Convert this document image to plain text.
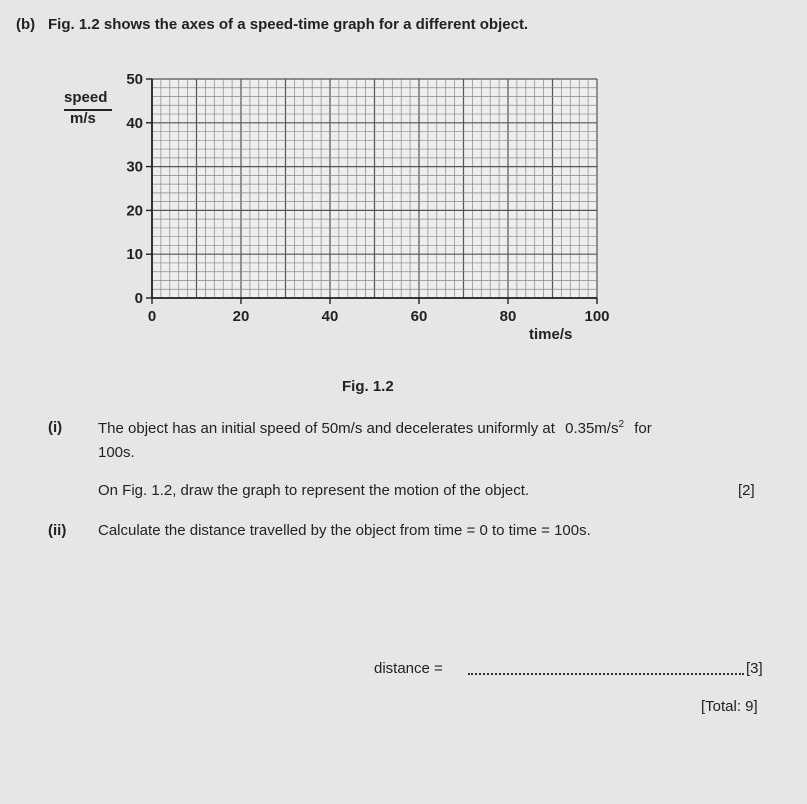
(b) Fig. 1.2 shows the axes of a speed-time graph for a different object.
speed
m/s
0
10
20
30
40
50
0	20	40	60	80	100
time/s
Fig. 1.2
(i) The object has an initial speed of 50m/s and decelerates uniformly at $0.35m/s^2$ for
100s.
On Fig. 1.2, draw the graph to represent the motion of the object.	[2]
(ii) Calculate the distance travelled by the object from time = 0 to time = 100s.
distance =	[3]
[Total: 9]
